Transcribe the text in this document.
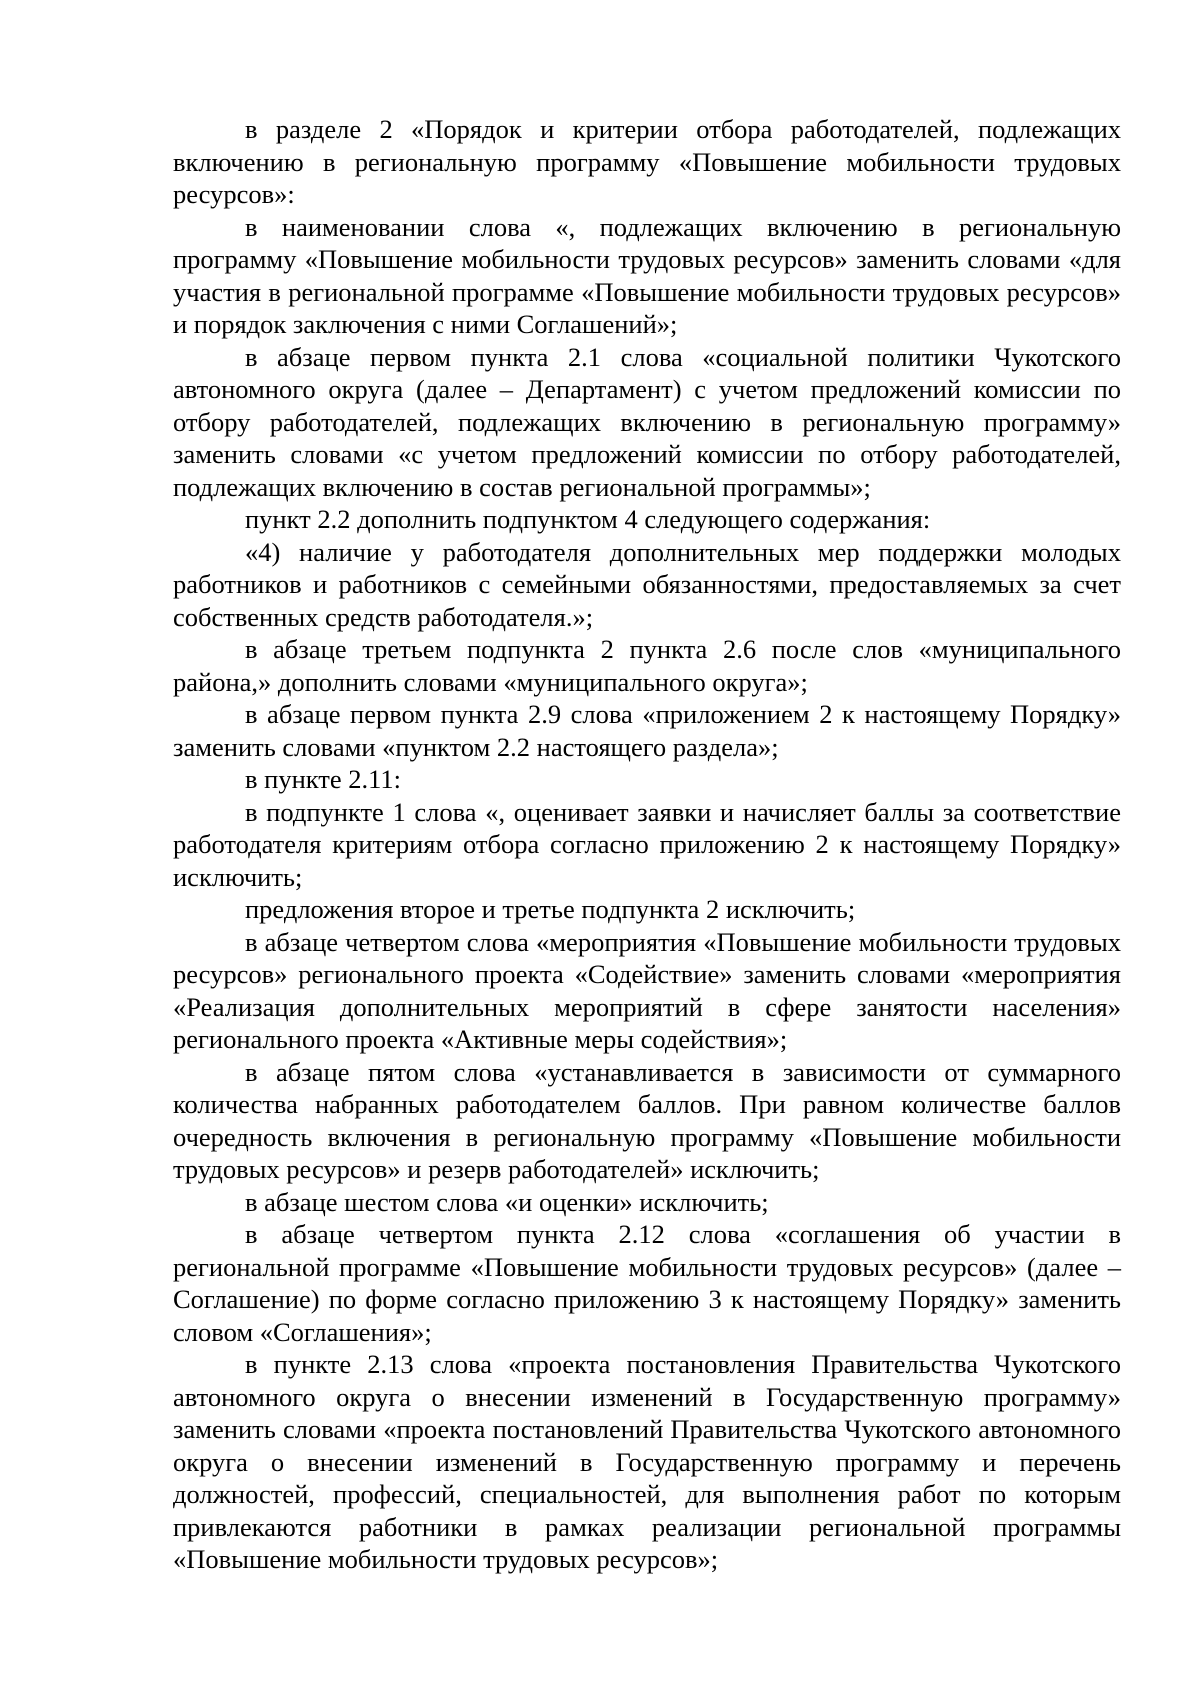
в разделе 2 «Порядок и критерии отбора работодателей, подлежащих включению в региональную программу «Повышение мобильности трудовых ресурсов»:

в наименовании слова «, подлежащих включению в региональную программу «Повышение мобильности трудовых ресурсов» заменить словами «для участия в региональной программе «Повышение мобильности трудовых ресурсов» и порядок заключения с ними Соглашений»;

в абзаце первом пункта 2.1 слова «социальной политики Чукотского автономного округа (далее – Департамент) с учетом предложений комиссии по отбору работодателей, подлежащих включению в региональную программу» заменить словами «с учетом предложений комиссии по отбору работодателей, подлежащих включению в состав региональной программы»;

пункт 2.2 дополнить подпунктом 4 следующего содержания:

«4) наличие у работодателя дополнительных мер поддержки молодых работников и работников с семейными обязанностями, предоставляемых за счет собственных средств работодателя.»;

в абзаце третьем подпункта 2 пункта 2.6 после слов «муниципального района,» дополнить словами «муниципального округа»;

в абзаце первом пункта 2.9 слова «приложением 2 к настоящему Порядку» заменить словами «пунктом 2.2 настоящего раздела»;

в пункте 2.11:

в подпункте 1 слова «, оценивает заявки и начисляет баллы за соответствие работодателя критериям отбора согласно приложению 2 к настоящему Порядку» исключить;

предложения второе и третье подпункта 2 исключить;

в абзаце четвертом слова «мероприятия «Повышение мобильности трудовых ресурсов» регионального проекта «Содействие» заменить словами «мероприятия «Реализация дополнительных мероприятий в сфере занятости населения» регионального проекта «Активные меры содействия»;

в абзаце пятом слова «устанавливается в зависимости от суммарного количества набранных работодателем баллов. При равном количестве баллов очередность включения в региональную программу «Повышение мобильности трудовых ресурсов» и резерв работодателей» исключить;

в абзаце шестом слова «и оценки» исключить;

в абзаце четвертом пункта 2.12 слова «соглашения об участии в региональной программе «Повышение мобильности трудовых ресурсов» (далее – Соглашение) по форме согласно приложению 3 к настоящему Порядку» заменить словом «Соглашения»;

в пункте 2.13 слова «проекта постановления Правительства Чукотского автономного округа о внесении изменений в Государственную программу» заменить словами «проекта постановлений Правительства Чукотского автономного округа о внесении изменений в Государственную программу и перечень должностей, профессий, специальностей, для выполнения работ по которым привлекаются работники в рамках реализации региональной программы «Повышение мобильности трудовых ресурсов»;
